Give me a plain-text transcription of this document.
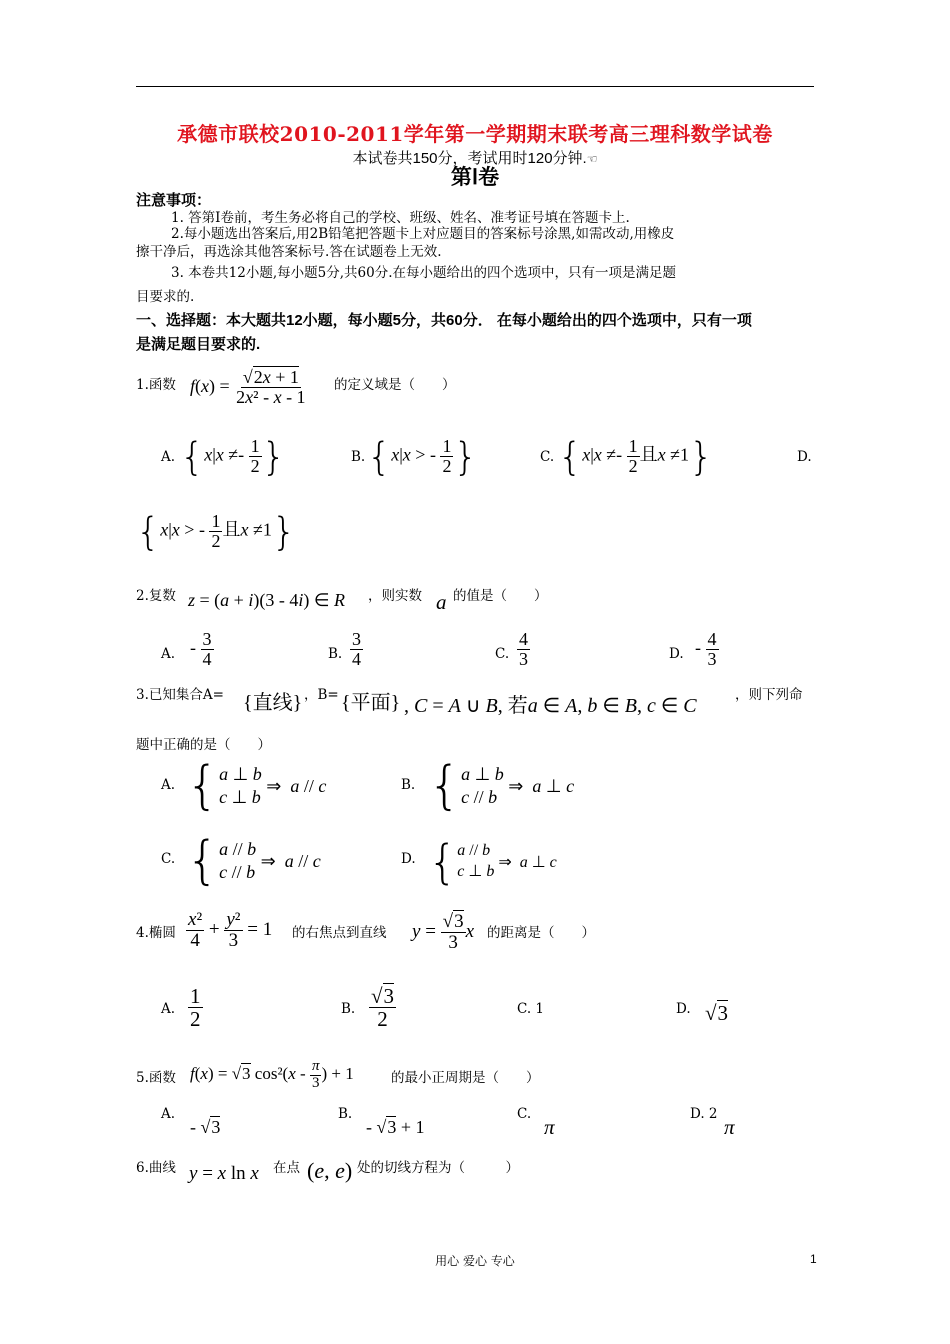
承德市联校2010-2011学年第一学期期末联考高三理科数学试卷
本试卷共150分，考试用时120分钟.☜
第Ⅰ卷
注意事项：
1. 答第Ⅰ卷前，考生务必将自己的学校、班级、姓名、准考证号填在答题卡上.
2.每小题选出答案后,用2B铅笔把答题卡上对应题目的答案标号涂黑,如需改动,用橡皮
擦干净后，再选涂其他答案标号.答在试题卷上无效.
3. 本卷共12小题,每小题5分,共60分.在每小题给出的四个选项中，只有一项是满足题
目要求的.
一、选择题：本大题共12小题，每小题5分，共60分． 在每小题给出的四个选项中，只有一项
是满足题目要求的.
1.函数 $f(x) = \frac{√2x + 1}{\text{2x² - x - 1}}$ 的定义域是（　　）
A. {$x|x \ne- \frac{1}{2}$ }	B. {x|x > - $\frac{1}{2}$ }	C. {$x|x \ne- \frac{1}{2}$ 且x ≠1}	D.
{x|x > - $\frac{1}{2}$ 且x ≠1}
2.复数 z = (a + i)(3 - 4i) ∈ R ，则实数 a 的值是（　　）
A. - $\frac{3}{4}$	B. $\frac{3}{4}$	C. $\frac{4}{3}$	D. - $\frac{4}{3}$
3.已知集合A= {直线} ，B= {平面} , C = A ∪ B, 若a ∈ A, b ∈ B, c ∈ C	，则下列命
题中正确的是（　　）
A. { a ⊥ b
c ⊥ b
⇒  a // c	B. { a ⊥ b
c // b
⇒  a ⊥ c
C. { a // b
c // b
⇒  a // c	D. { a // b
c ⊥ b
⇒  a ⊥ c
4.椭圆 $\frac{\text{x²}}{4} + \frac{\text{y²}}{3} = 1$ 的右焦点到直线 $y = \frac{√3}{3}$ x 的距离是（　　）
A. $\frac{1}{2}$	B. $\frac{√3}{2}$	C. 1	D. √3
5.函数 f(x) = √3 $\cos^2(x - \frac{\pi}{3}$ ) + 1	的最小正周期是（　　）
A.
- √3
B.
- √3 + 1
C.
π
D. 2
π
6.曲线 y = x ln x 在点 (e, e) 处的切线方程为（　　　）
用心 爱心 专心	1
